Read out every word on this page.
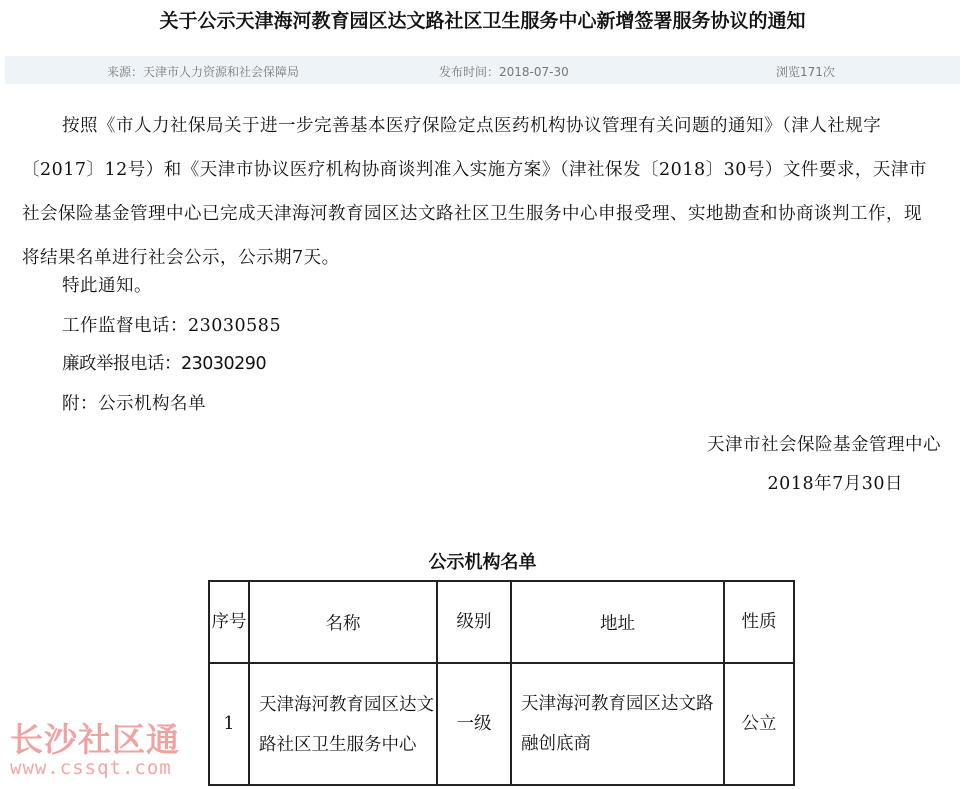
关于公示天津海河教育园区达文路社区卫生服务中心新增签署服务协议的通知
来源：天津市人力资源和社会保障局	发布时间：2018-07-30	浏览171次

按照《市人力社保局关于进一步完善基本医疗保险定点医药机构协议管理有关问题的通知》（津人社规字〔2017〕12号）和《天津市协议医疗机构协商谈判准入实施方案》（津社保发〔2018〕30号）文件要求，天津市社会保险基金管理中心已完成天津海河教育园区达文路社区卫生服务中心申报受理、实地勘查和协商谈判工作，现将结果名单进行社会公示，公示期7天。

特此通知。
工作监督电话：23030585
廉政举报电话：23030290
附：公示机构名单
天津市社会保险基金管理中心
2018年7月30日
公示机构名单
序号	名称	级别	地址	性质
1	天津海河教育园区达文路社区卫生服务中心	一级	天津海河教育园区达文路融创底商	公立
长沙社区通
www.cssqt.com
